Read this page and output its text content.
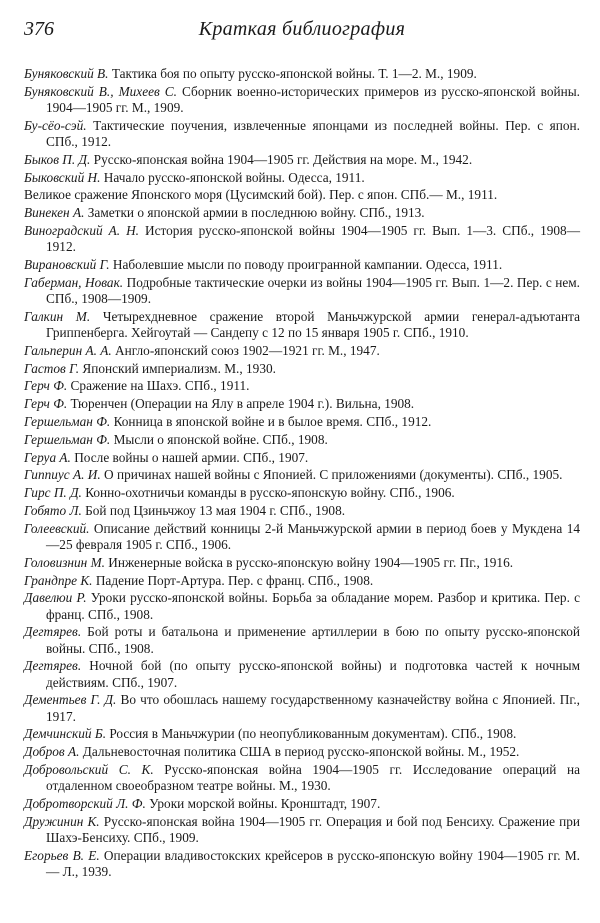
376	Краткая библиография

Буняковский В. Тактика боя по опыту русско-японской войны. Т. 1—2. М., 1909.

Буняковский В., Михеев С. Сборник военно-исторических примеров из русско-японской войны. 1904—1905 гг. М., 1909.

Бу-сёо-сэй. Тактические поучения, извлеченные японцами из последней войны. Пер. с япон. СПб., 1912.

Быков П. Д. Русско-японская война 1904—1905 гг. Действия на море. М., 1942.

Быковский Н. Начало русско-японской войны. Одесса, 1911.

Великое сражение Японского моря (Цусимский бой). Пер. с япон. СПб.— М., 1911.

Винекен А. Заметки о японской армии в последнюю войну. СПб., 1913.

Виноградский А. Н. История русско-японской войны 1904—1905 гг. Вып. 1—3. СПб., 1908—1912.

Вирановский Г. Наболевшие мысли по поводу проигранной кампании. Одесса, 1911.

Габерман, Новак. Подробные тактические очерки из войны 1904—1905 гг. Вып. 1—2. Пер. с нем. СПб., 1908—1909.

Галкин М. Четырехдневное сражение второй Маньчжурской армии генерал-адъютанта Гриппенберга. Хейгоутай — Сандепу с 12 по 15 января 1905 г. СПб., 1910.

Гальперин А. А. Англо-японский союз 1902—1921 гг. М., 1947.

Гастов Г. Японский империализм. М., 1930.

Герч Ф. Сражение на Шахэ. СПб., 1911.

Герч Ф. Тюренчен (Операции на Ялу в апреле 1904 г.). Вильна, 1908.

Гершельман Ф. Конница в японской войне и в былое время. СПб., 1912.

Гершельман Ф. Мысли о японской войне. СПб., 1908.

Геруа А. После войны о нашей армии. СПб., 1907.

Гиппиус А. И. О причинах нашей войны с Японией. С приложениями (документы). СПб., 1905.

Гирс П. Д. Конно-охотничьи команды в русско-японскую войну. СПб., 1906.

Гобято Л. Бой под Цзиньчжоу 13 мая 1904 г. СПб., 1908.

Голеевский. Описание действий конницы 2-й Маньчжурской армии в период боев у Мукдена 14—25 февраля 1905 г. СПб., 1906.

Головизнин М. Инженерные войска в русско-японскую войну 1904—1905 гг. Пг., 1916.

Грандпре К. Падение Порт-Артура. Пер. с франц. СПб., 1908.

Давелюи Р. Уроки русско-японской войны. Борьба за обладание морем. Разбор и критика. Пер. с франц. СПб., 1908.

Дегтярев. Бой роты и батальона и применение артиллерии в бою по опыту русско-японской войны. СПб., 1908.

Дегтярев. Ночной бой (по опыту русско-японской войны) и подготовка частей к ночным действиям. СПб., 1907.

Дементьев Г. Д. Во что обошлась нашему государственному казначейству война с Японией. Пг., 1917.

Демчинский Б. Россия в Маньчжурии (по неопубликованным документам). СПб., 1908.

Добров А. Дальневосточная политика США в период русско-японской войны. М., 1952.

Добровольский С. К. Русско-японская война 1904—1905 гг. Исследование операций на отдаленном своеобразном театре войны. М., 1930.

Добротворский Л. Ф. Уроки морской войны. Кронштадт, 1907.

Дружинин К. Русско-японская война 1904—1905 гг. Операция и бой под Бенсиху. Сражение при Шахэ-Бенсиху. СПб., 1909.

Егорьев В. Е. Операции владивостокских крейсеров в русско-японскую войну 1904—1905 гг. М.— Л., 1939.
